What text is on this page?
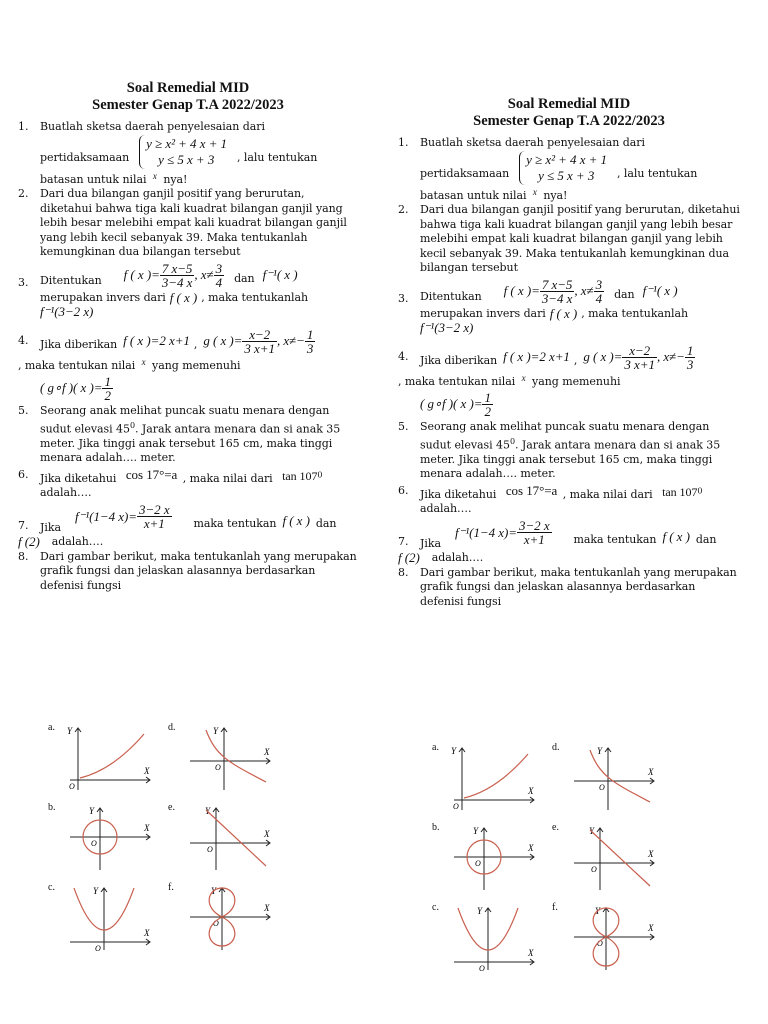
Soal Remedial MID
Semester Genap T.A 2022/2023
1. Buatlah sketsa daerah penyelesaian dari
pertidaksamaan
y ≥ x² + 4 x + 1
y ≤ 5 x + 3	, lalu tentukan
batasan untuk nilai $^x$ nya!
2. Dari dua bilangan ganjil positif yang berurutan, diketahui bahwa tiga kali kuadrat bilangan ganjil yang lebih besar melebihi empat kali kuadrat bilangan ganjil yang lebih kecil sebanyak 39. Maka tentukanlah kemungkinan dua bilangan tersebut
3. Ditentukan f ( x )= $\frac{7 x-5}{3-4 x}$ , $x\ne \frac{3}{4}$ dan f⁻¹( x )
merupakan invers dari f ( x ) , maka tentukanlah
f⁻¹(3−2 x)
4. Jika diberikan f ( x )=2 x+1 , g ( x )= $\frac{x-2}{3 x+1}$ , $x\ne- \frac{1}{3}$
, maka tentukan nilai $^x$ yang memenuhi
( g∘f )( x )= $\frac{1}{2}$
5. Seorang anak melihat puncak suatu menara dengan sudut elevasi $45^0$. Jarak antara menara dan si anak 35 meter. Jika tinggi anak tersebut 165 cm, maka tinggi menara adalah…. meter.
6. Jika diketahui cos 17°=a , maka nilai dari $\tan 107^0$
adalah….
7. Jika
f⁻¹(1−4 $x)= \frac{3-2 x}{x+1}$ maka tentukan f ( x ) dan
f (2) adalah….
8. Dari gambar berikut, maka tentukanlah yang merupakan grafik fungsi dan jelaskan alasannya berdasarkan defenisi fungsi
Soal Remedial MID
Semester Genap T.A 2022/2023
1. Buatlah sketsa daerah penyelesaian dari
pertidaksamaan
y ≥ x² + 4 x + 1
y ≤ 5 x + 3	, lalu tentukan
batasan untuk nilai $^x$ nya!
2. Dari dua bilangan ganjil positif yang berurutan, diketahui bahwa tiga kali kuadrat bilangan ganjil yang lebih besar melebihi empat kali kuadrat bilangan ganjil yang lebih kecil sebanyak 39. Maka tentukanlah kemungkinan dua bilangan tersebut
3. Ditentukan f ( x )= $\frac{7 x-5}{3-4 x}$ , $x\ne \frac{3}{4}$ dan f⁻¹( x )
merupakan invers dari f ( x ) , maka tentukanlah
f⁻¹(3−2 x)
4. Jika diberikan f ( x )=2 x+1 , g ( x )= $\frac{x-2}{3 x+1}$ , $x\ne- \frac{1}{3}$
, maka tentukan nilai $^x$ yang memenuhi
( g∘f )( x )= $\frac{1}{2}$
5. Seorang anak melihat puncak suatu menara dengan sudut elevasi $45^0$. Jarak antara menara dan si anak 35 meter. Jika tinggi anak tersebut 165 cm, maka tinggi menara adalah…. meter.
6. Jika diketahui cos 17°=a , maka nilai dari $\tan 107^0$
adalah….
7. Jika
f⁻¹(1−4 $x)= \frac{3-2 x}{x+1}$ maka tentukan f ( x ) dan
f (2) adalah….
8. Dari gambar berikut, maka tentukanlah yang merupakan grafik fungsi dan jelaskan alasannya berdasarkan defenisi fungsi
a.
X
Y
O
d.
X
Y
O
b.
X
Y
O
e.
X
Y
O
c.
X
Y
O
f.
X
Y
O
a.
X
Y
O
d.
X
Y
O
b.
X
Y
O
e.
X
Y
O
c.
X
Y
O
f.
X
Y
O
